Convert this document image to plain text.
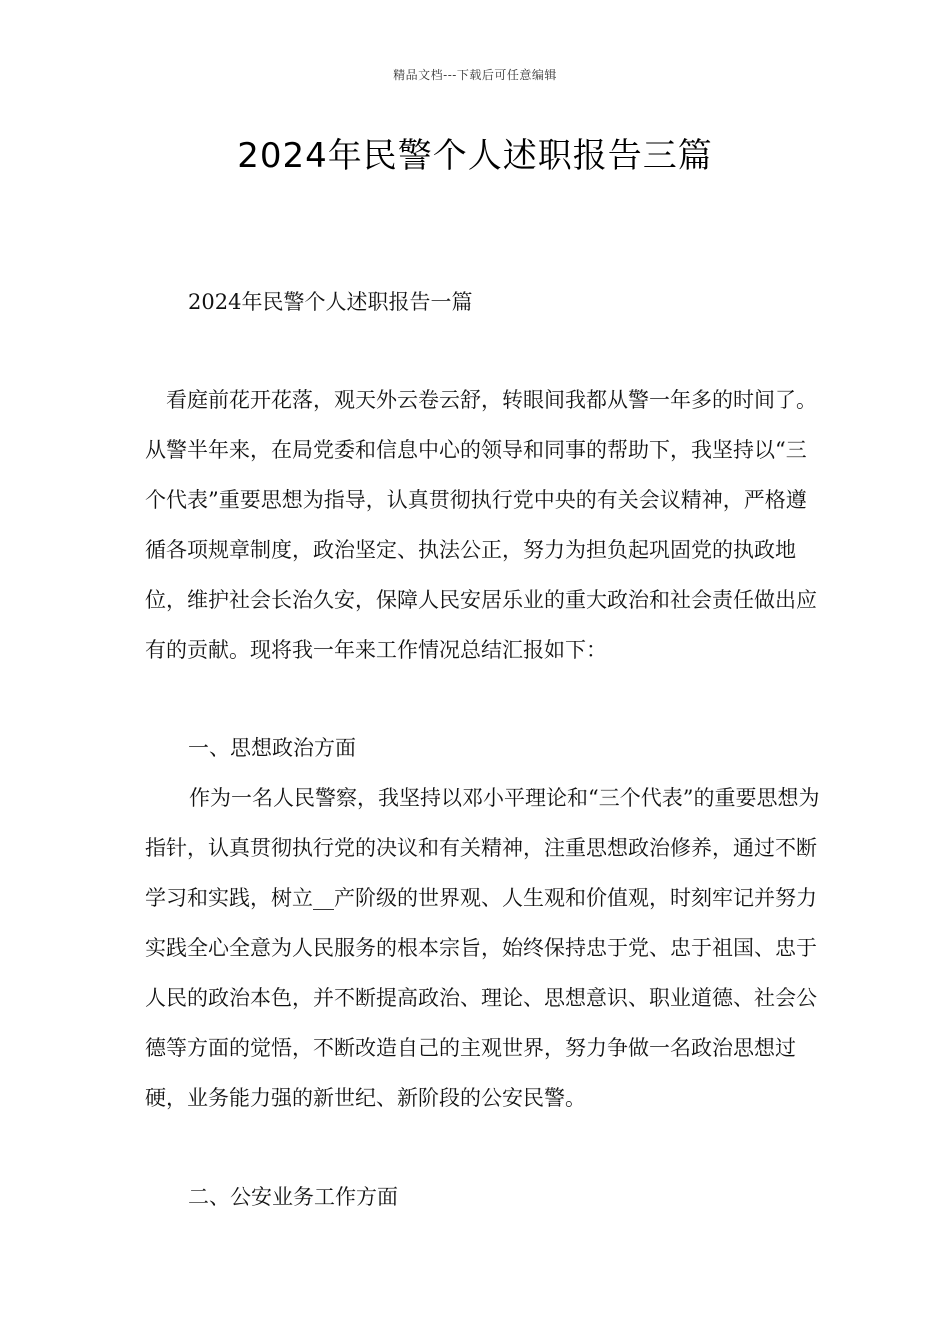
精品文档---下载后可任意编辑
2024年民警个人述职报告三篇

2024年民警个人述职报告一篇

看庭前花开花落，观天外云卷云舒，转眼间我都从警一年多的时间了。从警半年来，在局党委和信息中心的领导和同事的帮助下，我坚持以“三个代表”重要思想为指导，认真贯彻执行党中央的有关会议精神，严格遵循各项规章制度，政治坚定、执法公正，努力为担负起巩固党的执政地位，维护社会长治久安，保障人民安居乐业的重大政治和社会责任做出应有的贡献。现将我一年来工作情况总结汇报如下：

一、思想政治方面

作为一名人民警察，我坚持以邓小平理论和“三个代表”的重要思想为指针，认真贯彻执行党的决议和有关精神，注重思想政治修养，通过不断学习和实践，树立__产阶级的世界观、人生观和价值观，时刻牢记并努力实践全心全意为人民服务的根本宗旨，始终保持忠于党、忠于祖国、忠于人民的政治本色，并不断提高政治、理论、思想意识、职业道德、社会公德等方面的觉悟，不断改造自己的主观世界，努力争做一名政治思想过硬，业务能力强的新世纪、新阶段的公安民警。

二、公安业务工作方面
